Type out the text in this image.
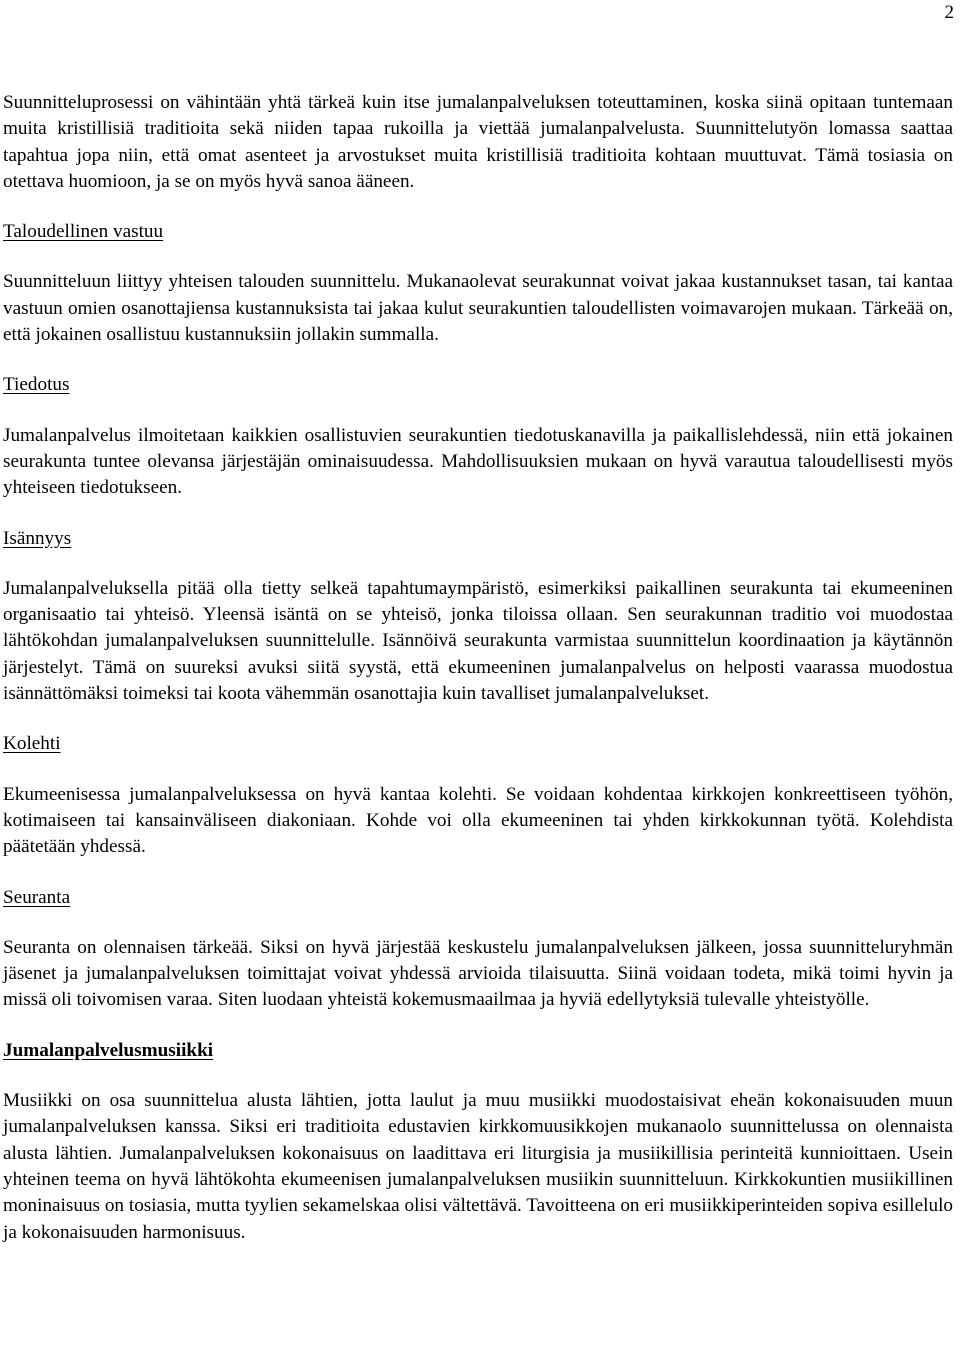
2

Suunnitteluprosessi on vähintään yhtä tärkeä kuin itse jumalanpalveluksen toteuttaminen, koska siinä opitaan tuntemaan muita kristillisiä traditioita sekä niiden tapaa rukoilla ja viettää jumalanpalvelusta. Suunnittelutyön lomassa saattaa tapahtua jopa niin, että omat asenteet ja arvostukset muita kristillisiä traditioita kohtaan muuttuvat. Tämä tosiasia on otettava huomioon, ja se on myös hyvä sanoa ääneen.

Taloudellinen vastuu

Suunnitteluun liittyy yhteisen talouden suunnittelu. Mukanaolevat seurakunnat voivat jakaa kustannukset tasan, tai kantaa vastuun omien osanottajiensa kustannuksista tai jakaa kulut seurakuntien taloudellisten voimavarojen mukaan. Tärkeää on, että jokainen osallistuu kustannuksiin jollakin summalla.

Tiedotus

Jumalanpalvelus ilmoitetaan kaikkien osallistuvien seurakuntien tiedotuskanavilla ja paikallislehdessä, niin että jokainen seurakunta tuntee olevansa järjestäjän ominaisuudessa. Mahdollisuuksien mukaan on hyvä varautua taloudellisesti myös yhteiseen tiedotukseen.

Isännyys

Jumalanpalveluksella pitää olla tietty selkeä tapahtumaympäristö, esimerkiksi paikallinen seurakunta tai ekumeeninen organisaatio tai yhteisö. Yleensä isäntä on se yhteisö, jonka tiloissa ollaan. Sen seurakunnan traditio voi muodostaa lähtökohdan jumalanpalveluksen suunnittelulle. Isännöivä seurakunta varmistaa suunnittelun koordinaation ja käytännön järjestelyt. Tämä on suureksi avuksi siitä syystä, että ekumeeninen jumalanpalvelus on helposti vaarassa muodostua isännättömäksi toimeksi tai koota vähemmän osanottajia kuin tavalliset jumalanpalvelukset.

Kolehti

Ekumeenisessa jumalanpalveluksessa on hyvä kantaa kolehti. Se voidaan kohdentaa kirkkojen konkreettiseen työhön, kotimaiseen tai kansainväliseen diakoniaan. Kohde voi olla ekumeeninen tai yhden kirkkokunnan työtä. Kolehdista päätetään yhdessä.

Seuranta

Seuranta on olennaisen tärkeää. Siksi on hyvä järjestää keskustelu jumalanpalveluksen jälkeen, jossa suunnitteluryhmän jäsenet ja jumalanpalveluksen toimittajat voivat yhdessä arvioida tilaisuutta. Siinä voidaan todeta, mikä toimi hyvin ja missä oli toivomisen varaa. Siten luodaan yhteistä kokemusmaailmaa ja hyviä edellytyksiä tulevalle yhteistyölle.

Jumalanpalvelusmusiikki

Musiikki on osa suunnittelua alusta lähtien, jotta laulut ja muu musiikki muodostaisivat eheän kokonaisuuden muun jumalanpalveluksen kanssa. Siksi eri traditioita edustavien kirkkomuusikkojen mukanaolo suunnittelussa on olennaista alusta lähtien. Jumalanpalveluksen kokonaisuus on laadittava eri liturgisia ja musiikillisia perinteitä kunnioittaen. Usein yhteinen teema on hyvä lähtökohta ekumeenisen jumalanpalveluksen musiikin suunnitteluun. Kirkkokuntien musiikillinen moninaisuus on tosiasia, mutta tyylien sekamelskaa olisi vältettävä. Tavoitteena on eri musiikkiperinteiden sopiva esillelulo ja kokonaisuuden harmonisuus.
